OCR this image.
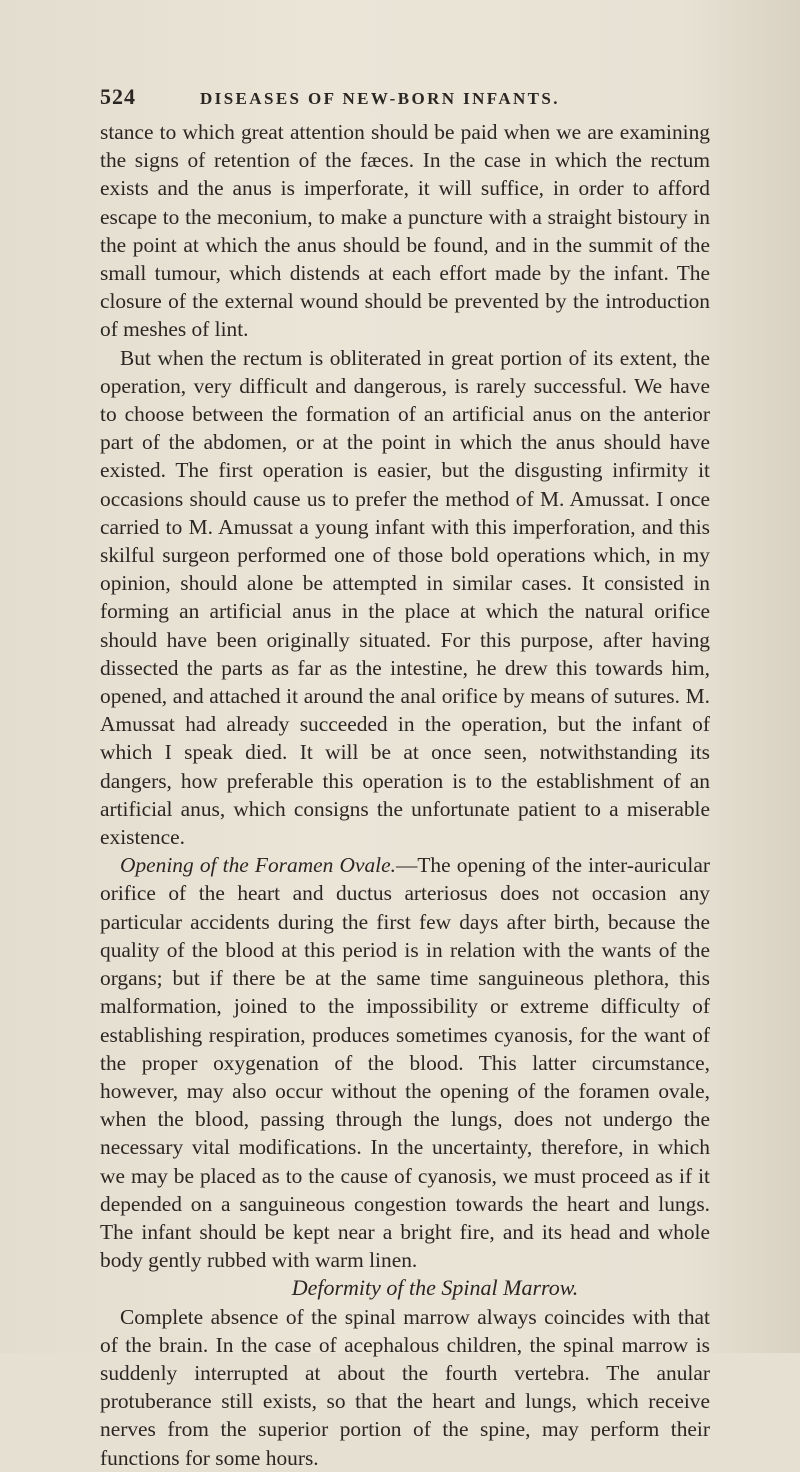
524	DISEASES OF NEW-BORN INFANTS.

stance to which great attention should be paid when we are examining the signs of retention of the fæces. In the case in which the rectum exists and the anus is imperforate, it will suffice, in order to afford escape to the meconium, to make a puncture with a straight bistoury in the point at which the anus should be found, and in the summit of the small tumour, which distends at each effort made by the infant. The closure of the external wound should be prevented by the introduction of meshes of lint.

But when the rectum is obliterated in great portion of its extent, the operation, very difficult and dangerous, is rarely successful. We have to choose between the formation of an artificial anus on the anterior part of the abdomen, or at the point in which the anus should have existed. The first operation is easier, but the disgusting infirmity it occasions should cause us to prefer the method of M. Amussat. I once carried to M. Amussat a young infant with this imperforation, and this skilful surgeon performed one of those bold operations which, in my opinion, should alone be attempted in similar cases. It consisted in forming an artificial anus in the place at which the natural orifice should have been originally situated. For this purpose, after having dissected the parts as far as the intestine, he drew this towards him, opened, and attached it around the anal orifice by means of sutures. M. Amussat had already succeeded in the operation, but the infant of which I speak died. It will be at once seen, notwithstanding its dangers, how preferable this operation is to the establishment of an artificial anus, which consigns the unfortunate patient to a miserable existence.

Opening of the Foramen Ovale.—The opening of the inter-auricular orifice of the heart and ductus arteriosus does not occasion any particular accidents during the first few days after birth, because the quality of the blood at this period is in relation with the wants of the organs; but if there be at the same time sanguineous plethora, this malformation, joined to the impossibility or extreme difficulty of establishing respiration, produces sometimes cyanosis, for the want of the proper oxygenation of the blood. This latter circumstance, however, may also occur without the opening of the foramen ovale, when the blood, passing through the lungs, does not undergo the necessary vital modifications. In the uncertainty, therefore, in which we may be placed as to the cause of cyanosis, we must proceed as if it depended on a sanguineous congestion towards the heart and lungs. The infant should be kept near a bright fire, and its head and whole body gently rubbed with warm linen.

Deformity of the Spinal Marrow.

Complete absence of the spinal marrow always coincides with that of the brain. In the case of acephalous children, the spinal marrow is suddenly interrupted at about the fourth vertebra. The anular protuberance still exists, so that the heart and lungs, which receive nerves from the superior portion of the spine, may perform their functions for some hours.
